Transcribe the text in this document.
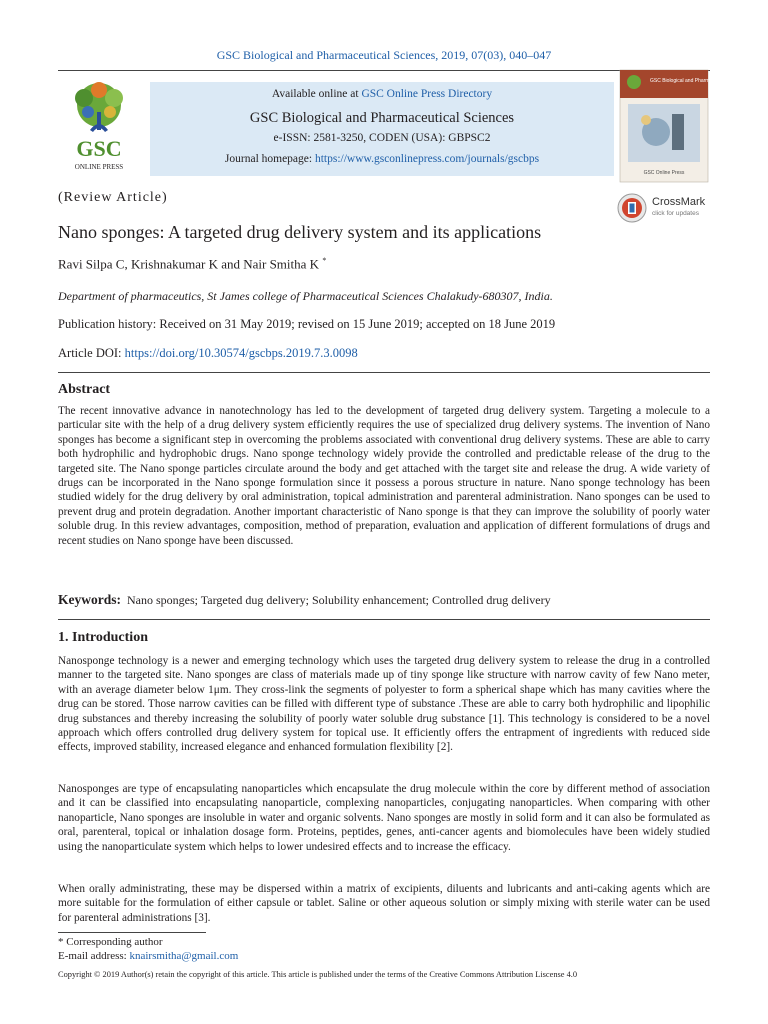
GSC Biological and Pharmaceutical Sciences, 2019, 07(03), 040–047
GSC
ONLINE PRESS
Available online at GSC Online Press Directory
GSC Biological and Pharmaceutical Sciences
e-ISSN: 2581-3250, CODEN (USA): GBPSC2
Journal homepage: https://www.gsconlinepress.com/journals/gscbps
GSC Biological and Pharmaceutical Sciences
GSC Online Press
(Review Article)	CrossMark
click for updates
Nano sponges: A targeted drug delivery system and its applications
Ravi Silpa C, Krishnakumar K and Nair Smitha K *
Department of pharmaceutics, St James college of Pharmaceutical Sciences Chalakudy-680307, India.
Publication history: Received on 31 May 2019; revised on 15 June 2019; accepted on 18 June 2019
Article DOI: https://doi.org/10.30574/gscbps.2019.7.3.0098
Abstract
The recent innovative advance in nanotechnology has led to the development of targeted drug delivery system. Targeting a molecule to a particular site with the help of a drug delivery system efficiently requires the use of specialized drug delivery systems. The invention of Nano sponges has become a significant step in overcoming the problems associated with conventional drug delivery systems. These are able to carry both hydrophilic and hydrophobic drugs. Nano sponge technology widely provide the controlled and predictable release of the drug to the targeted site. The Nano sponge particles circulate around the body and get attached with the target site and release the drug. A wide variety of drugs can be incorporated in the Nano sponge formulation since it possess a porous structure in nature. Nano sponge technology has been studied widely for the drug delivery by oral administration, topical administration and parenteral administration. Nano sponges can be used to prevent drug and protein degradation. Another important characteristic of Nano sponge is that they can improve the solubility of poorly water soluble drug. In this review advantages, composition, method of preparation, evaluation and application of different formulations of drugs and recent studies on Nano sponge have been discussed.
Keywords: Nano sponges; Targeted dug delivery; Solubility enhancement; Controlled drug delivery
1. Introduction
Nanosponge technology is a newer and emerging technology which uses the targeted drug delivery system to release the drug in a controlled manner to the targeted site. Nano sponges are class of materials made up of tiny sponge like structure with narrow cavity of few Nano meter, with an average diameter below 1μm. They cross-link the segments of polyester to form a spherical shape which has many cavities where the drug can be stored. Those narrow cavities can be filled with different type of substance .These are able to carry both hydrophilic and lipophilic drug substances and thereby increasing the solubility of poorly water soluble drug substance [1]. This technology is considered to be a novel approach which offers controlled drug delivery system for topical use. It efficiently offers the entrapment of ingredients with reduced side effects, improved stability, increased elegance and enhanced formulation flexibility [2].
Nanosponges are type of encapsulating nanoparticles which encapsulate the drug molecule within the core by different method of association and it can be classified into encapsulating nanoparticle, complexing nanoparticles, conjugating nanoparticles. When comparing with other nanoparticle, Nano sponges are insoluble in water and organic solvents. Nano sponges are mostly in solid form and it can also be formulated as oral, parenteral, topical or inhalation dosage form. Proteins, peptides, genes, anti-cancer agents and biomolecules have been widely studied using the nanoparticulate system which helps to lower undesired effects and to increase the efficacy.
When orally administrating, these may be dispersed within a matrix of excipients, diluents and lubricants and anti-caking agents which are more suitable for the formulation of either capsule or tablet. Saline or other aqueous solution or simply mixing with sterile water can be used for parenteral administrations [3].
* Corresponding author
E-mail address: knairsmitha@gmail.com
Copyright © 2019 Author(s) retain the copyright of this article. This article is published under the terms of the Creative Commons Attribution Liscense 4.0
